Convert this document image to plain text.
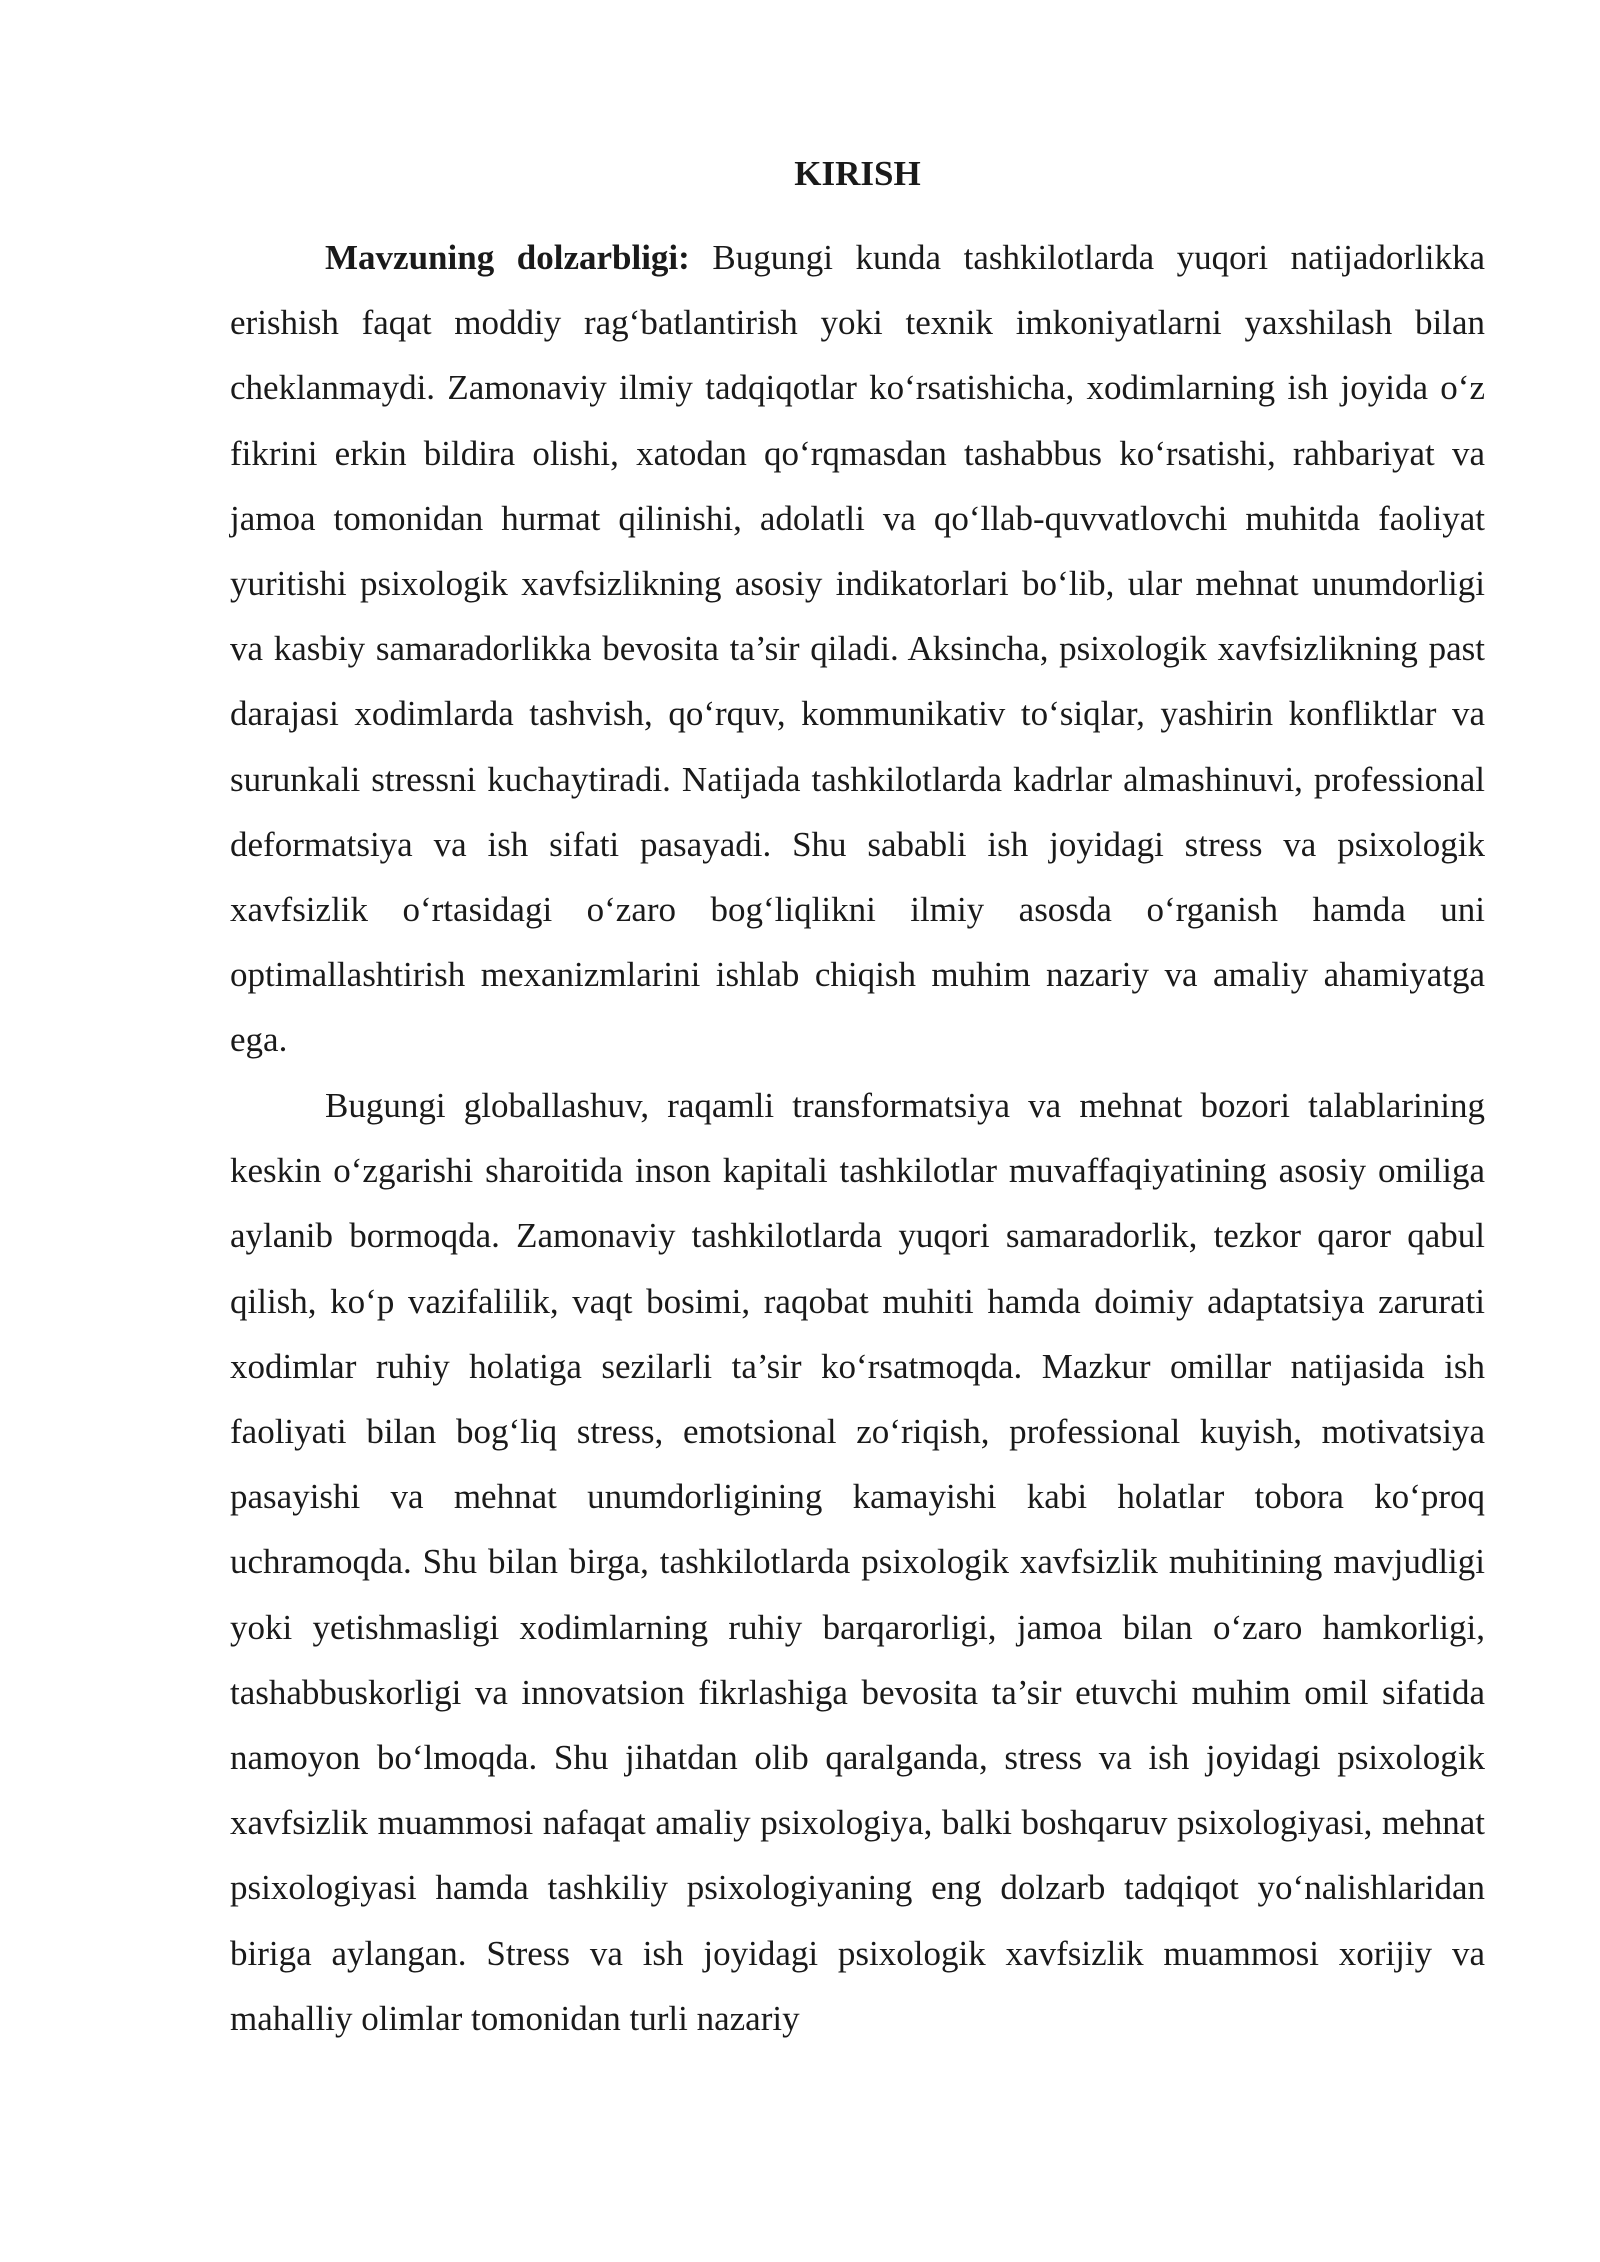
KIRISH

Mavzuning dolzarbligi: Bugungi kunda tashkilotlarda yuqori natijadorlikka erishish faqat moddiy rag‘batlantirish yoki texnik imkoniyatlarni yaxshilash bilan cheklanmaydi. Zamonaviy ilmiy tadqiqotlar ko‘rsatishicha, xodimlarning ish joyida o‘z fikrini erkin bildira olishi, xatodan qo‘rqmasdan tashabbus ko‘rsatishi, rahbariyat va jamoa tomonidan hurmat qilinishi, adolatli va qo‘llab-quvvatlovchi muhitda faoliyat yuritishi psixologik xavfsizlikning asosiy indikatorlari bo‘lib, ular mehnat unumdorligi va kasbiy samaradorlikka bevosita ta’sir qiladi. Aksincha, psixologik xavfsizlikning past darajasi xodimlarda tashvish, qo‘rquv, kommunikativ to‘siqlar, yashirin konfliktlar va surunkali stressni kuchaytiradi. Natijada tashkilotlarda kadrlar almashinuvi, professional deformatsiya va ish sifati pasayadi. Shu sababli ish joyidagi stress va psixologik xavfsizlik o‘rtasidagi o‘zaro bog‘liqlikni ilmiy asosda o‘rganish hamda uni optimallashtirish mexanizmlarini ishlab chiqish muhim nazariy va amaliy ahamiyatga ega.

Bugungi globallashuv, raqamli transformatsiya va mehnat bozori talablarining keskin o‘zgarishi sharoitida inson kapitali tashkilotlar muvaffaqiyatining asosiy omiliga aylanib bormoqda. Zamonaviy tashkilotlarda yuqori samaradorlik, tezkor qaror qabul qilish, ko‘p vazifalilik, vaqt bosimi, raqobat muhiti hamda doimiy adaptatsiya zarurati xodimlar ruhiy holatiga sezilarli ta’sir ko‘rsatmoqda. Mazkur omillar natijasida ish faoliyati bilan bog‘liq stress, emotsional zo‘riqish, professional kuyish, motivatsiya pasayishi va mehnat unumdorligining kamayishi kabi holatlar tobora ko‘proq uchramoqda. Shu bilan birga, tashkilotlarda psixologik xavfsizlik muhitining mavjudligi yoki yetishmasligi xodimlarning ruhiy barqarorligi, jamoa bilan o‘zaro hamkorligi, tashabbuskorligi va innovatsion fikrlashiga bevosita ta’sir etuvchi muhim omil sifatida namoyon bo‘lmoqda. Shu jihatdan olib qaralganda, stress va ish joyidagi psixologik xavfsizlik muammosi nafaqat amaliy psixologiya, balki boshqaruv psixologiyasi, mehnat psixologiyasi hamda tashkiliy psixologiyaning eng dolzarb tadqiqot yo‘nalishlaridan biriga aylangan. Stress va ish joyidagi psixologik xavfsizlik muammosi xorijiy va mahalliy olimlar tomonidan turli nazariy
